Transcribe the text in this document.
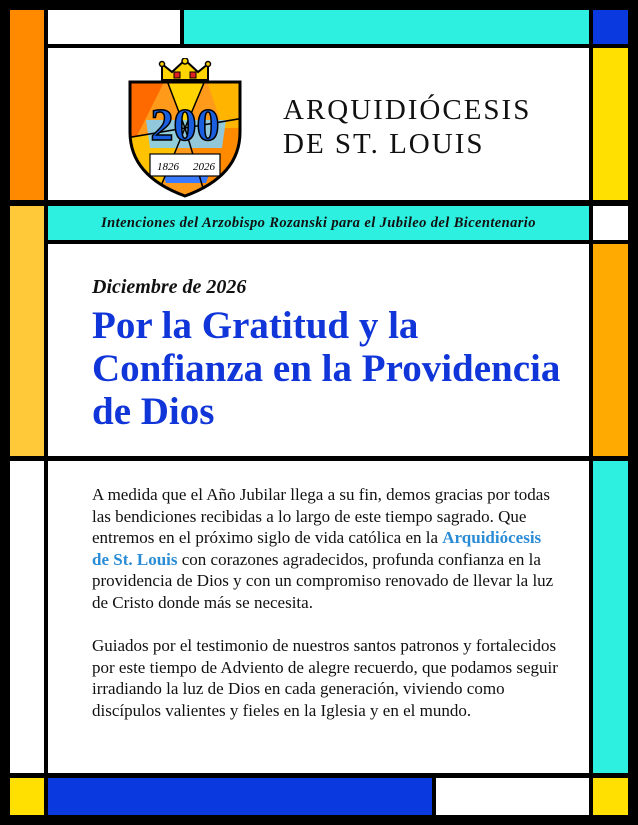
Intenciones del Arzobispo Rozanski para el Jubileo del Bicentenario
200
1826 2026
ARQUIDIÓCESIS
DE ST. LOUIS
Diciembre de 2026
Por la Gratitud y la Confianza en la Providencia de Dios

A medida que el Año Jubilar llega a su fin, demos gracias por todas las bendiciones recibidas a lo largo de este tiempo sagrado. Que entremos en el próximo siglo de vida católica en la Arquidiócesis de St. Louis con corazones agradecidos, profunda confianza en la providencia de Dios y con un compromiso renovado de llevar la luz de Cristo donde más se necesita.

Guiados por el testimonio de nuestros santos patronos y fortalecidos por este tiempo de Adviento de alegre recuerdo, que podamos seguir irradiando la luz de Dios en cada generación, viviendo como discípulos valientes y fieles en la Iglesia y en el mundo.
